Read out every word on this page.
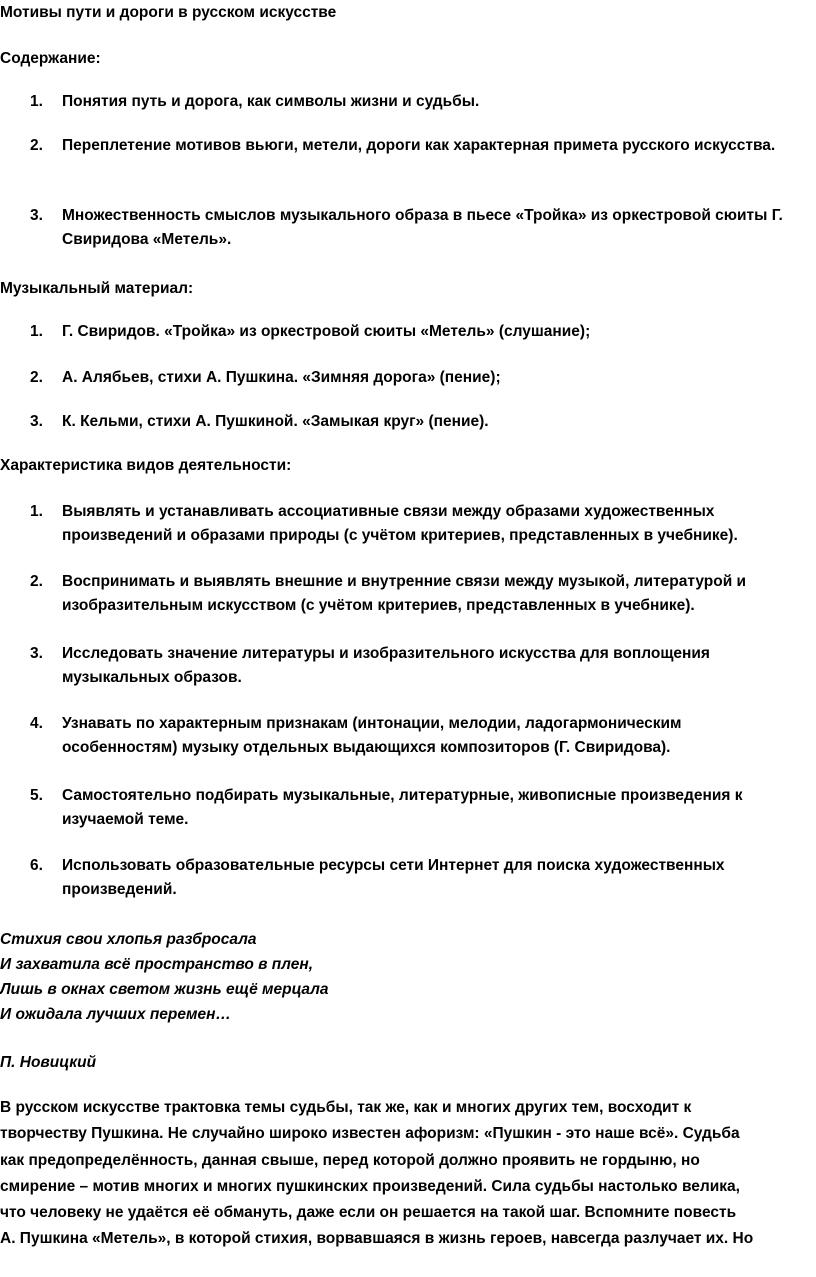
Мотивы пути и дороги в русском искусстве
Содержание:
1. Понятия путь и дорога, как символы жизни и судьбы.
2. Переплетение мотивов вьюги, метели, дороги как характерная примета русского искусства.
3. Множественность смыслов музыкального образа в пьесе «Тройка» из оркестровой сюиты Г. Свиридова «Метель».
Музыкальный материал:
1. Г. Свиридов. «Тройка» из оркестровой сюиты «Метель» (слушание);
2. А. Алябьев, стихи А. Пушкина. «Зимняя дорога» (пение);
3. К. Кельми, стихи А. Пушкиной. «Замыкая круг» (пение).
Характеристика видов деятельности:
1. Выявлять и устанавливать ассоциативные связи между образами художественных произведений и образами природы (с учётом критериев, представленных в учебнике).
2. Воспринимать и выявлять внешние и внутренние связи между музыкой, литературой и изобразительным искусством (с учётом критериев, представленных в учебнике).
3. Исследовать значение литературы и изобразительного искусства для воплощения музыкальных образов.
4. Узнавать по характерным признакам (интонации, мелодии, ладогармоническим особенностям) музыку отдельных выдающихся композиторов (Г. Свиридова).
5. Самостоятельно подбирать музыкальные, литературные, живописные произведения к изучаемой теме.
6. Использовать образовательные ресурсы сети Интернет для поиска художественных произведений.
Стихия свои хлопья разбросала
И захватила всё пространство в плен,
Лишь в окнах светом жизнь ещё мерцала
И ожидала лучших перемен…
П. Новицкий
В русском искусстве трактовка темы судьбы, так же, как и многих других тем, восходит к
творчеству Пушкина. Не случайно широко известен афоризм: «Пушкин - это наше всё». Судьба
как предопределённость, данная свыше, перед которой должно проявить не гордыню, но
смирение – мотив многих и многих пушкинских произведений. Сила судьбы настолько велика,
что человеку не удаётся её обмануть, даже если он решается на такой шаг. Вспомните повесть
А. Пушкина «Метель», в которой стихия, ворвавшаяся в жизнь героев, навсегда разлучает их. Но
